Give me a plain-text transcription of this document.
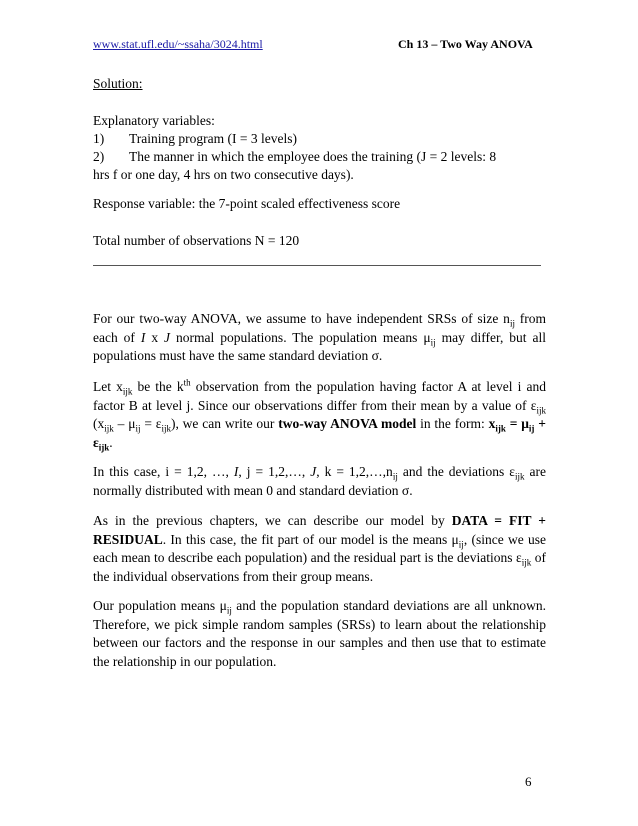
www.stat.ufl.edu/~ssaha/3024.html	Ch 13 – Two Way ANOVA
Solution:
Explanatory variables:
1) Training program (I = 3 levels)
2) The manner in which the employee does the training (J = 2 levels: 8
hrs f or one day, 4 hrs on two consecutive days).
Response variable: the 7-point scaled effectiveness score
Total number of observations N = 120
For our two-way ANOVA, we assume to have independent SRSs of size $n_{ij}$ from each of I x J normal populations. The population means $\mu_{ij}$ may differ, but all populations must have the same standard deviation σ.
Let $x_{ijk}$ be the $k^{th}$ observation from the population having factor A at level i and factor B at level j. Since our observations differ from their mean by a value of $\varepsilon_{ijk}$ $(x_{ijk} - \mu_{ij} = \varepsilon_{ijk})$, we can write our two-way ANOVA model in the form: $x_{ijk} = \mu_{ij} + \varepsilon_{ijk}$.
In this case, i = 1,2, …, I, j = 1,2,…, J, $k = 1,2,\dots,n_{ij}$ and the deviations $\varepsilon_{ijk}$ are normally distributed with mean 0 and standard deviation σ.
As in the previous chapters, we can describe our model by DATA = FIT + RESIDUAL. In this case, the fit part of our model is the means $\mu_{ij}$, (since we use each mean to describe each population) and the residual part is the deviations $\varepsilon_{ijk}$ of the individual observations from their group means.
Our population means $\mu_{ij}$ and the population standard deviations are all unknown. Therefore, we pick simple random samples (SRSs) to learn about the relationship between our factors and the response in our samples and then use that to estimate the relationship in our population.
6
